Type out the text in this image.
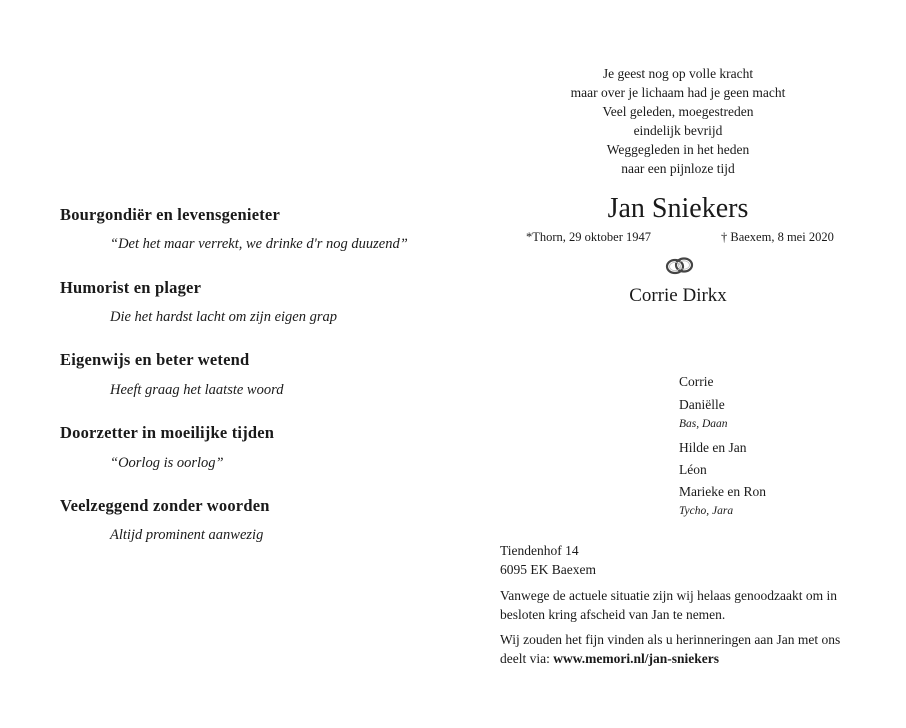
Bourgondiër en levensgenieter
“Det het maar verrekt, we drinke d'r nog duuzend”
Humorist en plager
Die het hardst lacht om zijn eigen grap
Eigenwijs en beter wetend
Heeft graag het laatste woord
Doorzetter in moeilijke tijden
“Oorlog is oorlog”
Veelzeggend zonder woorden
Altijd prominent aanwezig
Je geest nog op volle kracht
maar over je lichaam had je geen macht
Veel geleden, moegestreden
eindelijk bevrijd
Weggegleden in het heden
naar een pijnloze tijd
Jan Sniekers
*Thorn, 29 oktober 1947	† Baexem, 8 mei 2020
Corrie Dirkx
Corrie
Daniëlle
Bas, Daan
Hilde en Jan
Léon
Marieke en Ron
Tycho, Jara
Tiendenhof 14
6095 EK Baexem
Vanwege de actuele situatie zijn wij helaas genoodzaakt om in besloten kring afscheid van Jan te nemen.
Wij zouden het fijn vinden als u herinneringen aan Jan met ons deelt via: www.memori.nl/jan-sniekers
